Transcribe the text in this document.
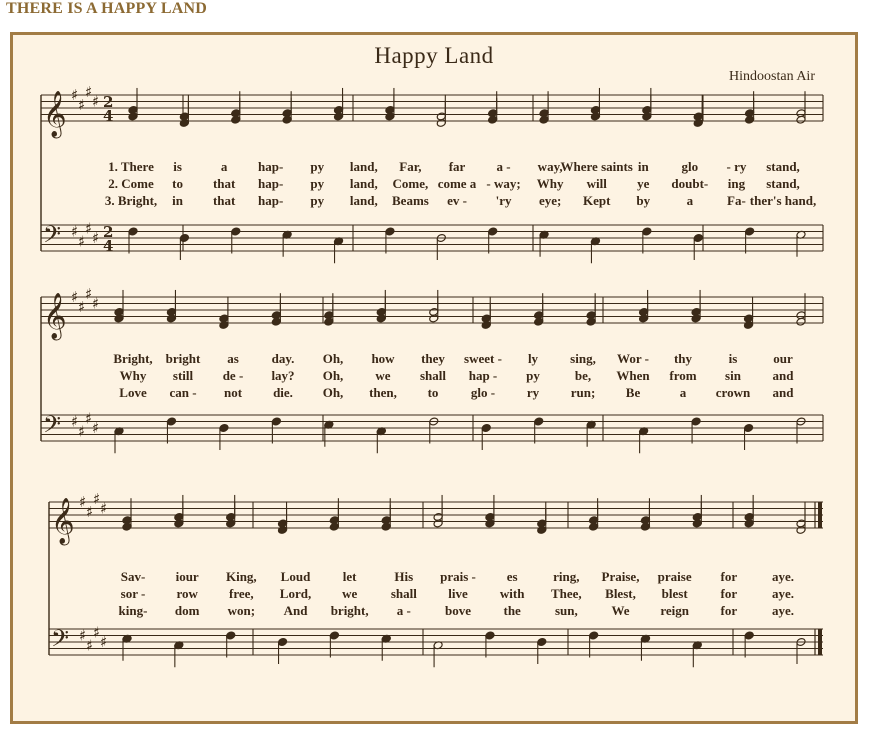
THERE IS A HAPPY LAND
𝄞
𝄢
♯
♯
♯
♯
♯
♯
♯
♯
2
4
2
4
𝄞
𝄢
♯
♯
♯
♯
♯
♯
♯
♯
𝄞
𝄢
♯
♯
♯
♯
♯
♯
♯
♯
Happy Land
Hindoostan Air
1. There is	a hap- py land, Far, far a - way,
Where saints in	glo - ry stand,
2. Come to that hap- py land, Come, come a - way; Why will ye doubt- ing stand,
3. Bright, in that hap- py land, Beams ev - 'ry eye; Kept by	a	Fa- ther's hand,
Bright, bright as	day. Oh, how they sweet - ly sing, Wor - thy	is	our
Why still de - lay? Oh, we shall hap - py	be, When from sin and
Love can - not die. Oh, then, to glo - ry run; Be	a crown and
Sav- iour King, Loud let	His prais - es	ring, Praise, praise for	aye.
sor - row free, Lord, we	shall live with Thee, Blest, blest	for	aye.
king- dom won; And bright, a -	bove the	sun,	We reign for	aye.
